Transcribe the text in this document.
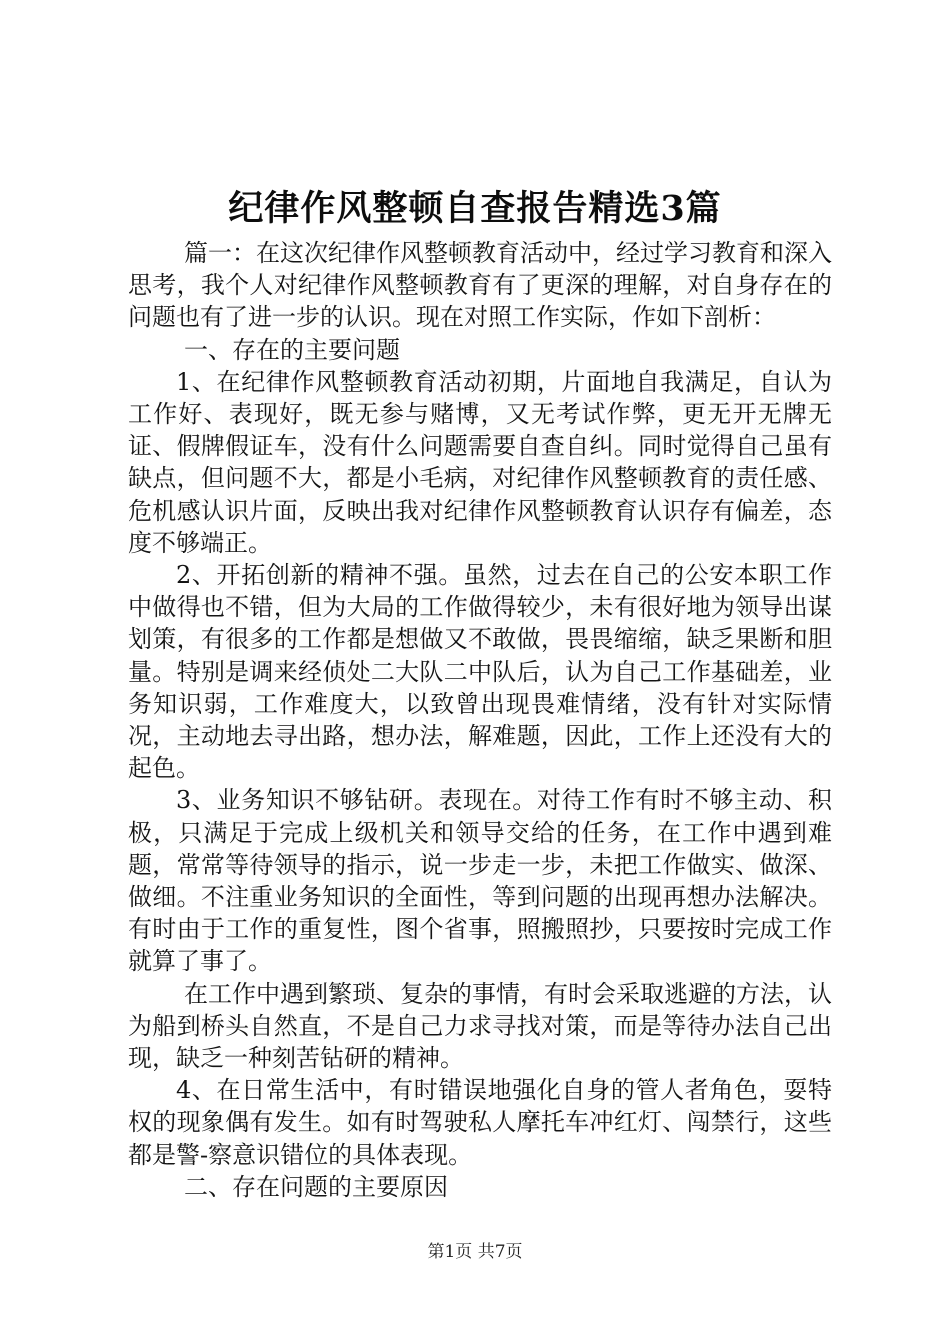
纪律作风整顿自查报告精选3篇

篇一：在这次纪律作风整顿教育活动中，经过学习教育和深入思考，我个人对纪律作风整顿教育有了更深的理解，对自身存在的问题也有了进一步的认识。现在对照工作实际，作如下剖析：

一、存在的主要问题

1、在纪律作风整顿教育活动初期，片面地自我满足，自认为工作好、表现好，既无参与赌博，又无考试作弊，更无开无牌无证、假牌假证车，没有什么问题需要自查自纠。同时觉得自己虽有缺点，但问题不大，都是小毛病，对纪律作风整顿教育的责任感、危机感认识片面，反映出我对纪律作风整顿教育认识存有偏差，态度不够端正。

2、开拓创新的精神不强。虽然，过去在自己的公安本职工作中做得也不错，但为大局的工作做得较少，未有很好地为领导出谋划策，有很多的工作都是想做又不敢做，畏畏缩缩，缺乏果断和胆量。特别是调来经侦处二大队二中队后，认为自己工作基础差，业务知识弱，工作难度大，以致曾出现畏难情绪，没有针对实际情况，主动地去寻出路，想办法，解难题，因此，工作上还没有大的起色。

3、业务知识不够钻研。表现在。对待工作有时不够主动、积极，只满足于完成上级机关和领导交给的任务，在工作中遇到难题，常常等待领导的指示，说一步走一步，未把工作做实、做深、做细。不注重业务知识的全面性，等到问题的出现再想办法解决。有时由于工作的重复性，图个省事，照搬照抄，只要按时完成工作就算了事了。

在工作中遇到繁琐、复杂的事情，有时会采取逃避的方法，认为船到桥头自然直，不是自己力求寻找对策，而是等待办法自己出现，缺乏一种刻苦钻研的精神。

4、在日常生活中，有时错误地强化自身的管人者角色，耍特权的现象偶有发生。如有时驾驶私人摩托车冲红灯、闯禁行，这些都是警-察意识错位的具体表现。

二、存在问题的主要原因

第1页 共7页
